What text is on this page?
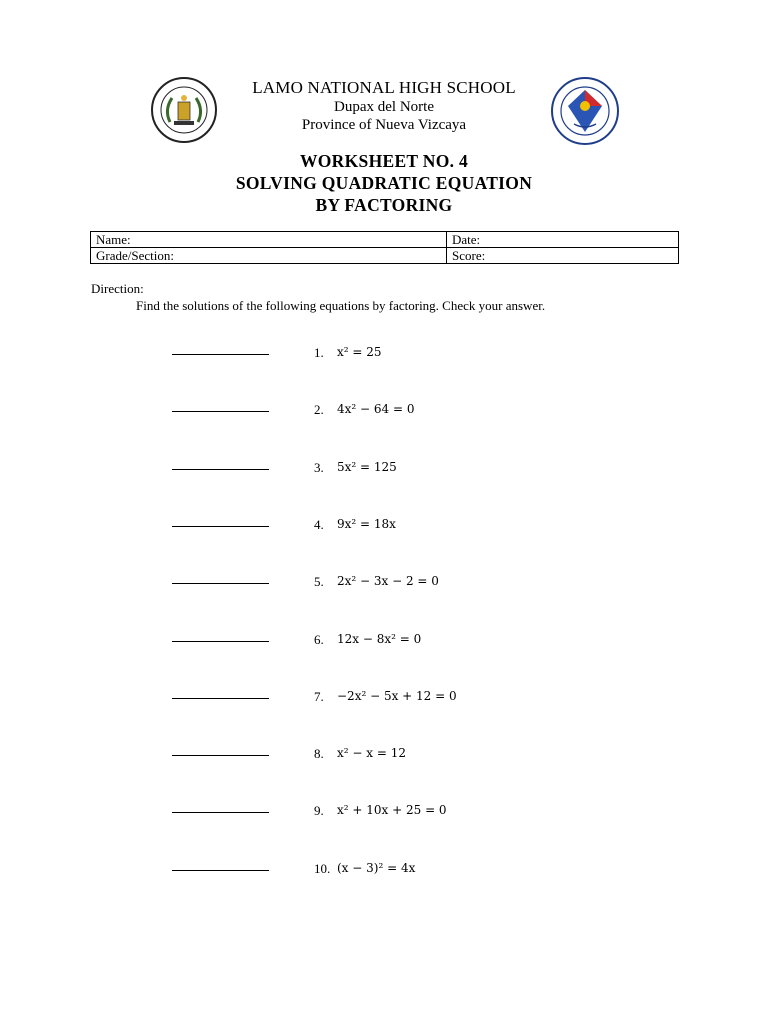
LAMO NATIONAL HIGH SCHOOL
Dupax del Norte
Province of Nueva Vizcaya
WORKSHEET NO. 4
SOLVING QUADRATIC EQUATION
BY FACTORING
Name:	Date:
Grade/Section:	Score:
Direction:
Find the solutions of the following equations by factoring. Check your answer.
1. x² = 25
2. 4x² − 64 = 0
3. 5x² = 125
4. 9x² = 18x
5. 2x² − 3x − 2 = 0
6. 12x − 8x² = 0
7. −2x² − 5x + 12 = 0
8. x² − x = 12
9. x² + 10x + 25 = 0
10. (x − 3)² = 4x
